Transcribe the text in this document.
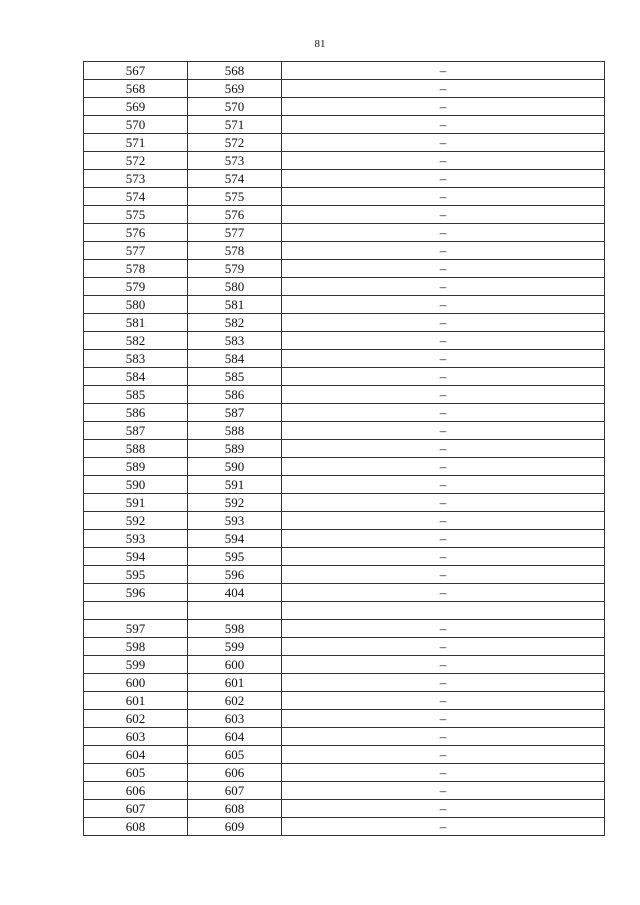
81
567	568	–
568	569	–
569	570	–
570	571	–
571	572	–
572	573	–
573	574	–
574	575	–
575	576	–
576	577	–
577	578	–
578	579	–
579	580	–
580	581	–
581	582	–
582	583	–
583	584	–
584	585	–
585	586	–
586	587	–
587	588	–
588	589	–
589	590	–
590	591	–
591	592	–
592	593	–
593	594	–
594	595	–
595	596	–
596	404	–

597	598	–
598	599	–
599	600	–
600	601	–
601	602	–
602	603	–
603	604	–
604	605	–
605	606	–
606	607	–
607	608	–
608	609	–
